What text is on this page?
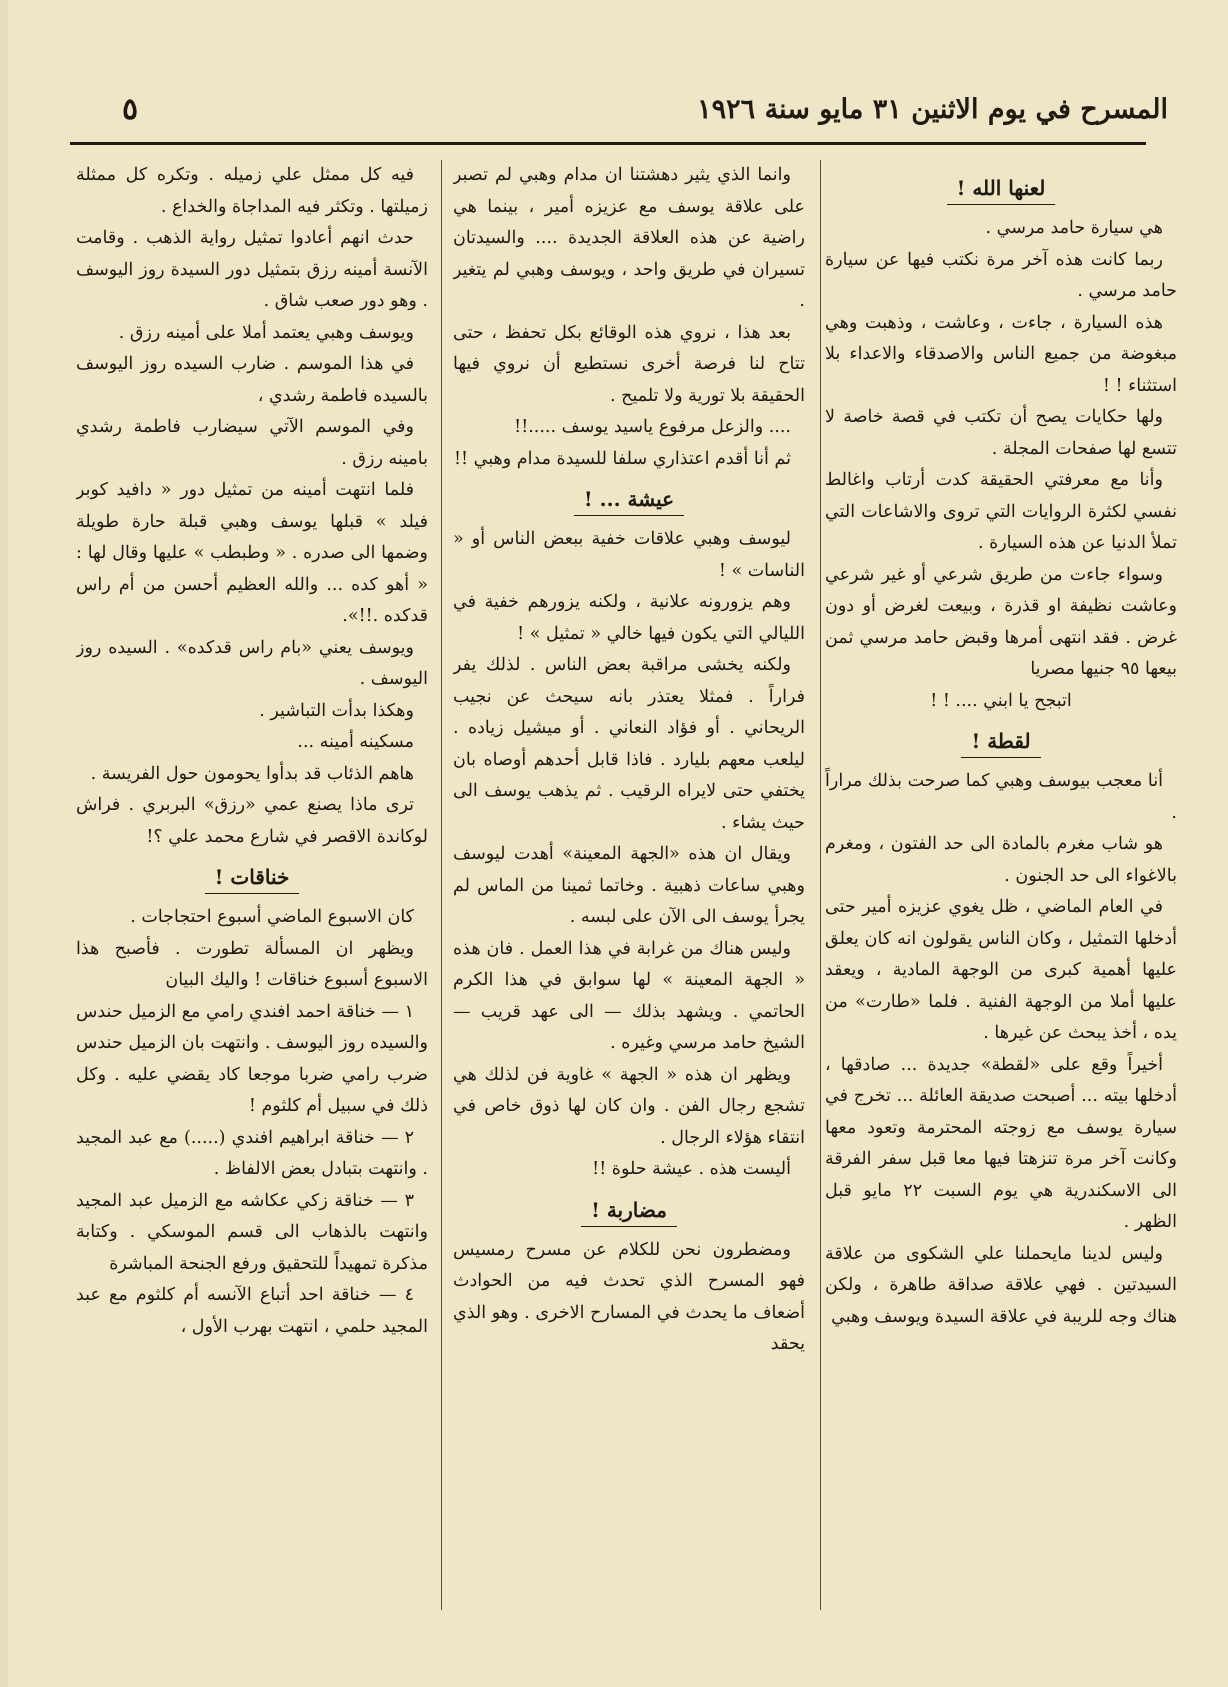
المسرح في يوم الاثنين ٣١ مايو سنة ١٩٢٦
٥
لعنها الله !

هي سيارة حامد مرسي .

ربما كانت هذه آخر مرة نكتب فيها عن سيارة حامد مرسي .

هذه السيارة ، جاءت ، وعاشت ، وذهبت وهي مبغوضة من جميع الناس والاصدقاء والاعداء بلا استثناء ! !

ولها حكايات يصح أن تكتب في قصة خاصة لا تتسع لها صفحات المجلة .

وأنا مع معرفتي الحقيقة كدت أرتاب واغالط نفسي لكثرة الروايات التي تروى والاشاعات التي تملأ الدنيا عن هذه السيارة .

وسواء جاءت من طريق شرعي أو غير شرعي وعاشت نظيفة او قذرة ، وبيعت لغرض أو دون غرض . فقد انتهى أمرها وقبض حامد مرسي ثمن بيعها ٩٥ جنيها مصريا

اتبجح يا ابني .... ! !

لقطة !

أنا معجب بيوسف وهبي كما صرحت بذلك مراراً .

هو شاب مغرم بالمادة الى حد الفتون ، ومغرم بالاغواء الى حد الجنون .

في العام الماضي ، ظل يغوي عزيزه أمير حتى أدخلها التمثيل ، وكان الناس يقولون انه كان يعلق عليها أهمية كبرى من الوجهة المادية ، ويعقد عليها أملا من الوجهة الفنية . فلما «طارت» من يده ، أخذ يبحث عن غيرها .

أخيراً وقع على «لقطة» جديدة ... صادقها ، أدخلها بيته ... أصبحت صديقة العائلة ... تخرج في سيارة يوسف مع زوجته المحترمة وتعود معها وكانت آخر مرة تنزهتا فيها معا قبل سفر الفرقة الى الاسكندرية هي يوم السبت ٢٢ مايو قبل الظهر .

وليس لدينا مايحملنا علي الشكوى من علاقة السيدتين . فهي علاقة صداقة طاهرة ، ولكن هناك وجه للريبة في علاقة السيدة ويوسف وهبي

وانما الذي يثير دهشتنا ان مدام وهبي لم تصبر على علاقة يوسف مع عزيزه أمير ، بينما هي راضية عن هذه العلاقة الجديدة .... والسيدتان تسيران في طريق واحد ، ويوسف وهبي لم يتغير .

بعد هذا ، نروي هذه الوقائع بكل تحفظ ، حتى تتاح لنا فرصة أخرى نستطيع أن نروي فيها الحقيقة بلا تورية ولا تلميح .

.... والزعل مرفوع ياسيد يوسف .....!!

ثم أنا أقدم اعتذاري سلفا للسيدة مدام وهبي !!

عيشة ... !

ليوسف وهبي علاقات خفية ببعض الناس أو « الناسات » !

وهم يزورونه علانية ، ولكنه يزورهم خفية في الليالي التي يكون فيها خالي « تمثيل » !

ولكنه يخشى مراقبة بعض الناس . لذلك يفر فراراً . فمثلا يعتذر بانه سيحث عن نجيب الريحاني . أو فؤاد النعاني . أو ميشيل زياده . ليلعب معهم بليارد . فاذا قابل أحدهم أوصاه بان يختفي حتى لايراه الرقيب . ثم يذهب يوسف الى حيث يشاء .

ويقال ان هذه «الجهة المعينة» أهدت ليوسف وهبي ساعات ذهبية . وخاتما ثمينا من الماس لم يجرأ يوسف الى الآن على لبسه .

وليس هناك من غرابة في هذا العمل . فان هذه « الجهة المعينة » لها سوابق في هذا الكرم الحاتمي . ويشهد بذلك — الى عهد قريب — الشيخ حامد مرسي وغيره .

ويظهر ان هذه « الجهة » غاوية فن لذلك هي تشجع رجال الفن . وان كان لها ذوق خاص في انتقاء هؤلاء الرجال .

أليست هذه . عيشة حلوة !!

مضاربة !

ومضطرون نحن للكلام عن مسرح رمسيس فهو المسرح الذي تحدث فيه من الحوادث أضعاف ما يحدث في المسارح الاخرى . وهو الذي يحقد

فيه كل ممثل علي زميله . وتكره كل ممثلة زميلتها . وتكثر فيه المداجاة والخداع .

حدث انهم أعادوا تمثيل رواية الذهب . وقامت الآنسة أمينه رزق بتمثيل دور السيدة روز اليوسف . وهو دور صعب شاق .

ويوسف وهبي يعتمد أملا على أمينه رزق .

في هذا الموسم . ضارب السيده روز اليوسف بالسيده فاطمة رشدي ،

وفي الموسم الآتي سيضارب فاطمة رشدي بامينه رزق .

فلما انتهت أمينه من تمثيل دور « دافيد كوبر فيلد » قبلها يوسف وهبي قبلة حارة طويلة وضمها الى صدره . « وطبطب » عليها وقال لها : « أهو كده ... والله العظيم أحسن من أم راس قدكده .!!».

ويوسف يعني «بام راس قدكده» . السيده روز اليوسف .

وهكذا بدأت التباشير .

مسكينه أمينه ...

هاهم الذئاب قد بدأوا يحومون حول الفريسة .

ترى ماذا يصنع عمي «رزق» البربري . فراش لوكاندة الاقصر في شارع محمد علي ؟!

خناقات !

كان الاسبوع الماضي أسبوع احتجاجات .

ويظهر ان المسألة تطورت . فأصبح هذا الاسبوع أسبوع خناقات ! واليك البيان

١ — خناقة احمد افندي رامي مع الزميل حندس والسيده روز اليوسف . وانتهت بان الزميل حندس ضرب رامي ضربا موجعا كاد يقضي عليه . وكل ذلك في سبيل أم كلثوم !

٢ — خناقة ابراهيم افندي (.....) مع عبد المجيد . وانتهت بتبادل بعض الالفاظ .

٣ — خناقة زكي عكاشه مع الزميل عبد المجيد وانتهت بالذهاب الى قسم الموسكي . وكتابة مذكرة تمهيداً للتحقيق ورفع الجنحة المباشرة

٤ — خناقة احد أتباع الآنسه أم كلثوم مع عبد المجيد حلمي ، انتهت بهرب الأول ،
